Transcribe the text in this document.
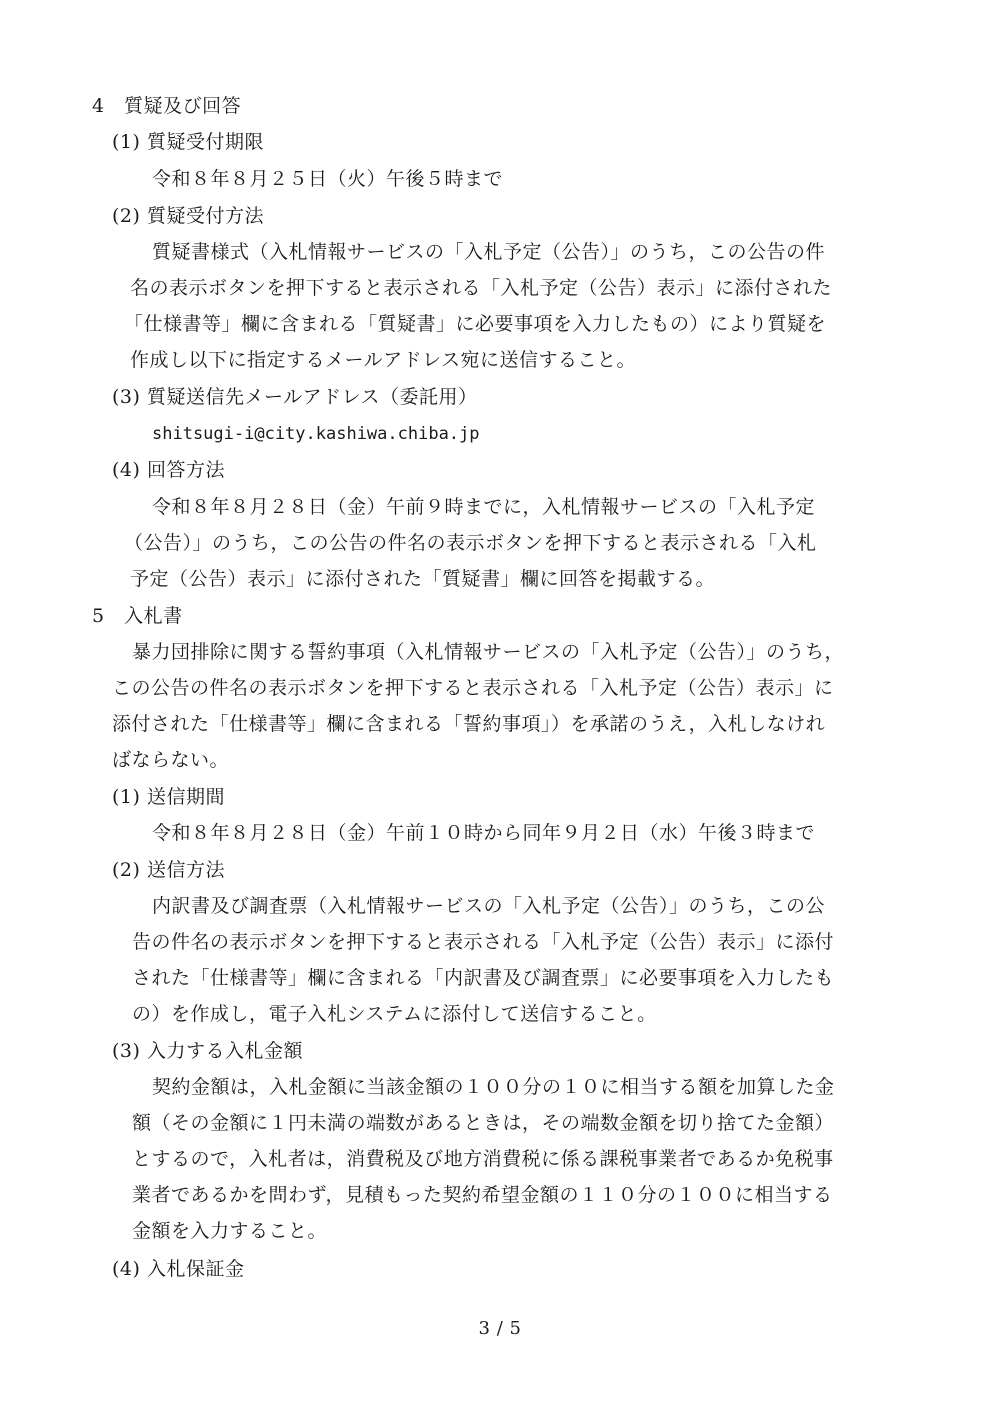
4　質疑及び回答
(1) 質疑受付期限
令和８年８月２５日（火）午後５時まで
(2) 質疑受付方法
質疑書様式（入札情報サービスの「入札予定（公告）」のうち，この公告の件
名の表示ボタンを押下すると表示される「入札予定（公告）表示」に添付された
「仕様書等」欄に含まれる「質疑書」に必要事項を入力したもの）により質疑を
作成し以下に指定するメールアドレス宛に送信すること。
(3) 質疑送信先メールアドレス（委託用）
shitsugi-i@city.kashiwa.chiba.jp
(4) 回答方法
令和８年８月２８日（金）午前９時までに，入札情報サービスの「入札予定
（公告）」のうち，この公告の件名の表示ボタンを押下すると表示される「入札
予定（公告）表示」に添付された「質疑書」欄に回答を掲載する。
5　入札書
暴力団排除に関する誓約事項（入札情報サービスの「入札予定（公告）」のうち，
この公告の件名の表示ボタンを押下すると表示される「入札予定（公告）表示」に
添付された「仕様書等」欄に含まれる「誓約事項」）を承諾のうえ，入札しなけれ
ばならない。
(1) 送信期間
令和８年８月２８日（金）午前１０時から同年９月２日（水）午後３時まで
(2) 送信方法
内訳書及び調査票（入札情報サービスの「入札予定（公告）」のうち，この公
告の件名の表示ボタンを押下すると表示される「入札予定（公告）表示」に添付
された「仕様書等」欄に含まれる「内訳書及び調査票」に必要事項を入力したも
の）を作成し，電子入札システムに添付して送信すること。
(3) 入力する入札金額
契約金額は，入札金額に当該金額の１００分の１０に相当する額を加算した金
額（その金額に１円未満の端数があるときは，その端数金額を切り捨てた金額）
とするので，入札者は，消費税及び地方消費税に係る課税事業者であるか免税事
業者であるかを問わず，見積もった契約希望金額の１１０分の１００に相当する
金額を入力すること。
(4) 入札保証金
3 / 5
